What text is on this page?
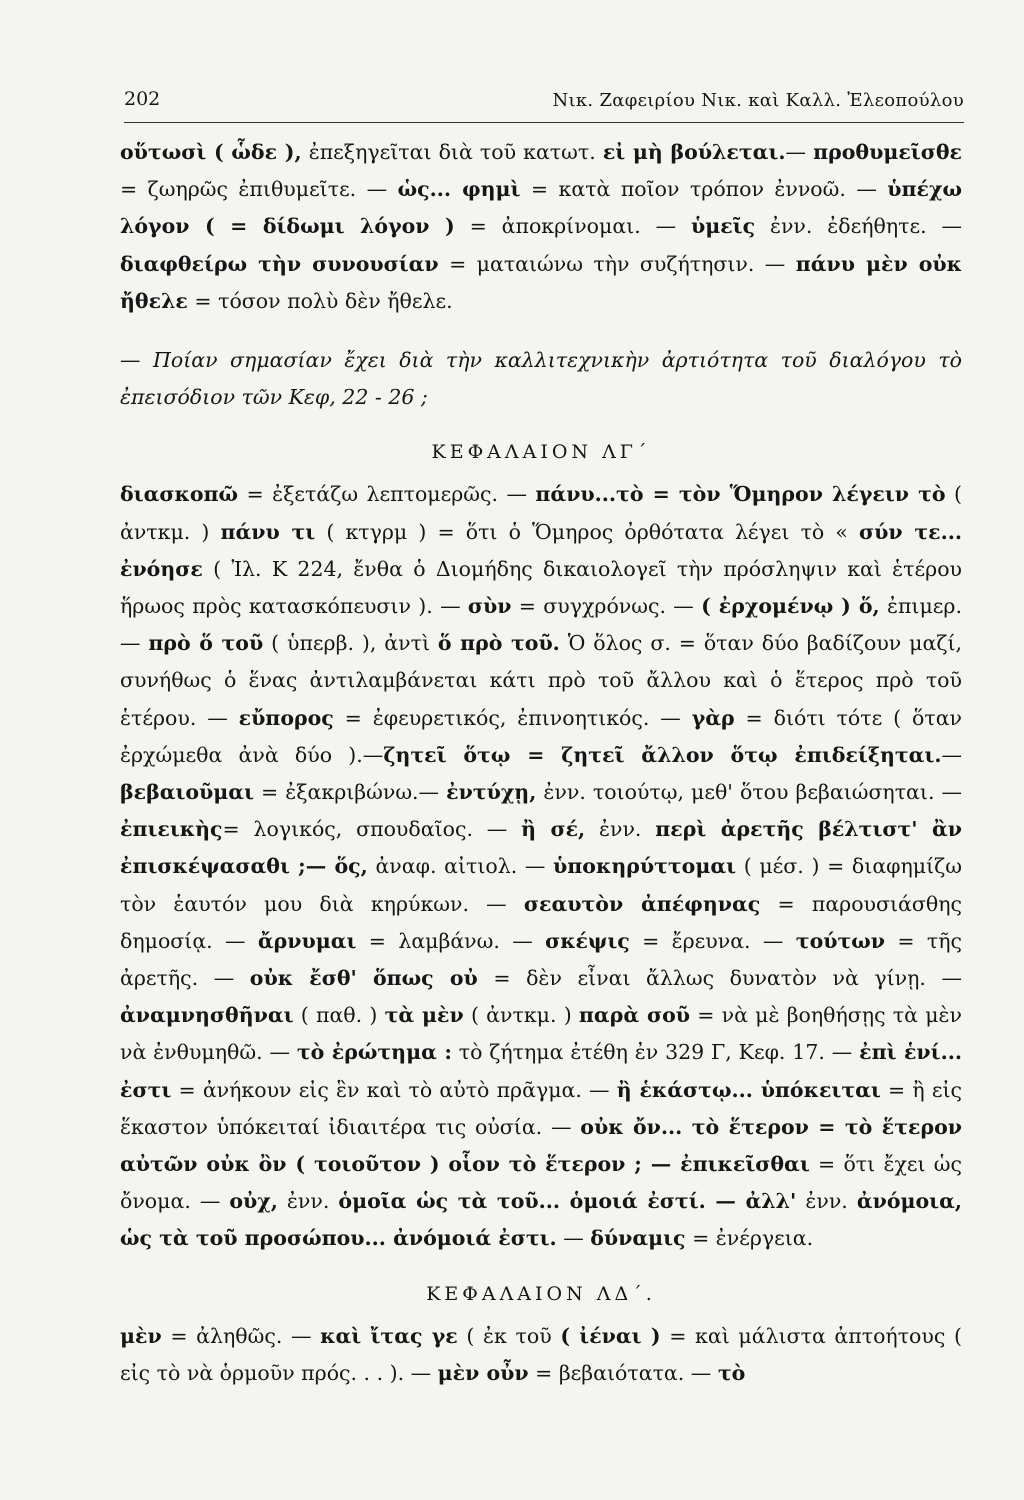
202	Νικ. Ζαφειρίου Νικ. καὶ Καλλ. Ἐλεοπούλου

οὕτωσὶ ( ὧδε ), ἐπεξηγεῖται διὰ τοῦ κατωτ. εἰ μὴ βούλεται.— προθυμεῖσθε = ζωηρῶς ἐπιθυμεῖτε. — ὡς... φημὶ = κατὰ ποῖον τρόπον ἐννοῶ. — ὑπέχω λόγον ( = δίδωμι λόγον ) = ἀποκρίνομαι. — ὑμεῖς ἐνν. ἐδεήθητε. — διαφθείρω τὴν συνουσίαν = ματαιώνω τὴν συζήτησιν. — πάνυ μὲν οὐκ ἤθελε = τόσον πολὺ δὲν ἤθελε.

— Ποίαν σημασίαν ἔχει διὰ τὴν καλλιτεχνικὴν ἀρτιότητα τοῦ διαλόγου τὸ ἐπεισόδιον τῶν Κεφ, 22 - 26 ;

ΚΕΦΑΛΑΙΟΝ ΛΓ΄

διασκοπῶ = ἐξετάζω λεπτομερῶς. — πάνυ...τὸ = τὸν Ὅμηρον λέγειν τὸ ( ἀντκμ. ) πάνυ τι ( κτγρμ ) = ὅτι ὁ Ὅμηρος ὀρθότατα λέγει τὸ « σύν τε... ἐνόησε ( Ἰλ. Κ 224, ἔνθα ὁ Διομήδης δικαιολογεῖ τὴν πρόσληψιν καὶ ἑτέρου ἥρωος πρὸς κατασκόπευσιν ). — σὺν = συγχρόνως. — ( ἐρχομένῳ ) ὅ, ἐπιμερ. — πρὸ ὅ τοῦ ( ὑπερβ. ), ἀντὶ ὅ πρὸ τοῦ. Ὁ ὅλος σ. = ὅταν δύο βαδίζουν μαζί, συνήθως ὁ ἕνας ἀντιλαμβάνεται κάτι πρὸ τοῦ ἄλλου καὶ ὁ ἕτερος πρὸ τοῦ ἑτέρου. — εὔπορος = ἐφευρετικός, ἐπινοητικός. — γὰρ = διότι τότε ( ὅταν ἐρχώμεθα ἀνὰ δύο ).—ζητεῖ ὅτῳ = ζητεῖ ἄλλον ὅτῳ ἐπιδείξηται.— βεβαιοῦμαι = ἐξακριβώνω.— ἐντύχῃ, ἐνν. τοιούτῳ, μεθ' ὅτου βεβαιώσηται. — ἐπιεικὴς= λογικός, σπουδαῖος. — ἢ σέ, ἐνν. περὶ ἀρετῆς βέλτιστ' ἂν ἐπισκέψασαθι ;— ὅς, ἀναφ. αἰτιολ. — ὑποκηρύττομαι ( μέσ. ) = διαφημίζω τὸν ἑαυτόν μου διὰ κηρύκων. — σεαυτὸν ἀπέφηνας = παρουσιάσθης δημοσίᾳ. — ἄρνυμαι = λαμβάνω. — σκέψις = ἔρευνα. — τούτων = τῆς ἀρετῆς. — οὐκ ἔσθ' ὅπως οὐ = δὲν εἶναι ἄλλως δυνατὸν νὰ γίνῃ. — ἀναμνησθῆναι ( παθ. ) τὰ μὲν ( ἀντκμ. ) παρὰ σοῦ = νὰ μὲ βοηθήσῃς τὰ μὲν νὰ ἐνθυμηθῶ. — τὸ ἐρώτημα : τὸ ζήτημα ἐτέθη ἐν 329 Γ, Κεφ. 17. — ἐπὶ ἑνί... ἐστι = ἀνήκουν εἰς ἓν καὶ τὸ αὐτὸ πρᾶγμα. — ἢ ἑκάστῳ... ὑπόκειται = ἢ εἰς ἕκαστον ὑπόκειταί ἰδιαιτέρα τις οὐσία. — οὐκ ὄν... τὸ ἕτερον = τὸ ἕτερον αὐτῶν οὐκ ὂν ( τοιοῦτον ) οἷον τὸ ἕτερον ; — ἐπικεῖσθαι = ὅτι ἔχει ὡς ὄνομα. — οὐχ, ἐνν. ὁμοῖα ὡς τὰ τοῦ... ὁμοιά ἐστί. — ἀλλ' ἐνν. ἀνόμοια, ὡς τὰ τοῦ προσώπου... ἀνόμοιά ἐστι. — δύναμις = ἐνέργεια.

ΚΕΦΑΛΑΙΟΝ ΛΔ΄.

μὲν = ἀληθῶς. — καὶ ἴτας γε ( ἐκ τοῦ ( ἰέναι ) = καὶ μάλιστα ἀπτοήτους ( εἰς τὸ νὰ ὁρμοῦν πρός. . . ). — μὲν οὖν = βεβαιότατα. — τὸ
